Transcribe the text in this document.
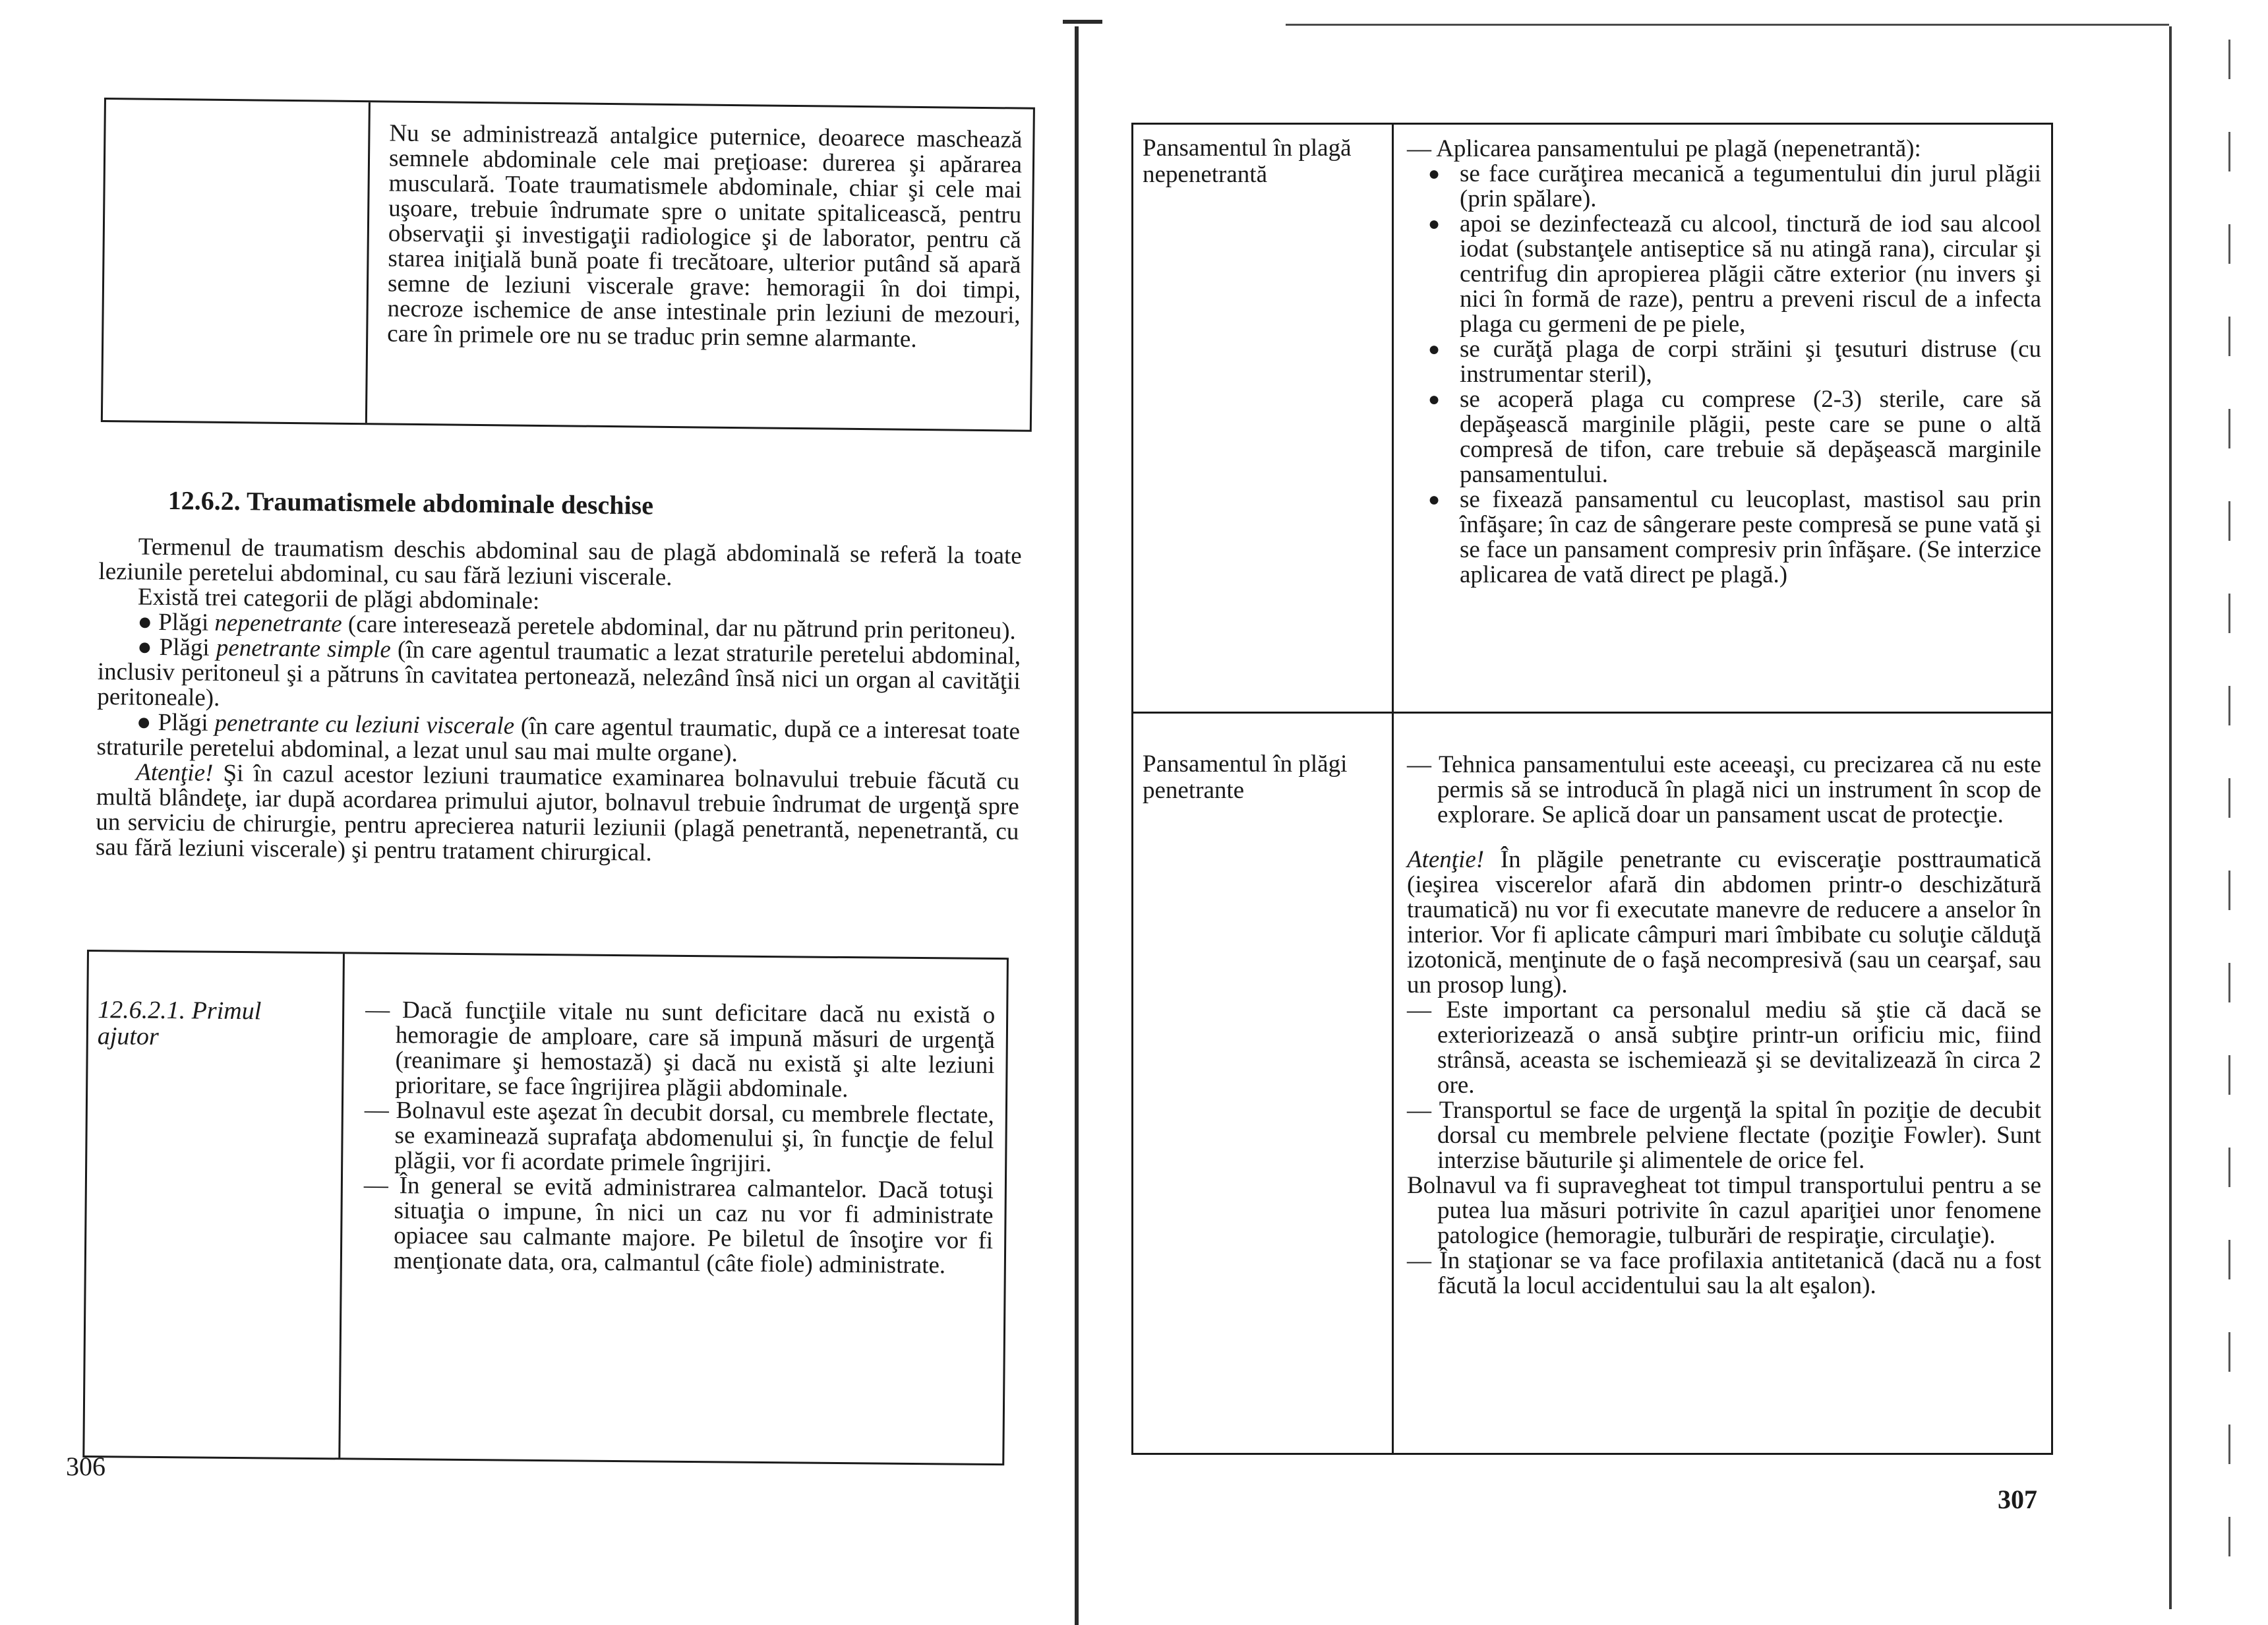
Nu se administrează antalgice puternice, deoarece maschează semnele abdominale cele mai preţioase: durerea şi apărarea musculară. Toate traumatismele abdominale, chiar şi cele mai uşoare, trebuie îndrumate spre o unitate spitalicească, pentru observaţii şi investigaţii radiologice şi de laborator, pentru că starea iniţială bună poate fi trecătoare, ulterior putând să apară semne de leziuni viscerale grave: hemoragii în doi timpi, necroze ischemice de anse intestinale prin leziuni de mezouri, care în primele ore nu se traduc prin semne alarmante.
12.6.2. Traumatismele abdominale deschise

Termenul de traumatism deschis abdominal sau de plagă abdominală se referă la toate leziunile peretelui abdominal, cu sau fără leziuni viscerale.

Există trei categorii de plăgi abdominale:

● Plăgi nepenetrante (care interesează peretele abdominal, dar nu pătrund prin peritoneu).

● Plăgi penetrante simple (în care agentul traumatic a lezat straturile peretelui abdominal, inclusiv peritoneul şi a pătruns în cavitatea pertonează, nelezând însă nici un organ al cavităţii peritoneale).

● Plăgi penetrante cu leziuni viscerale (în care agentul traumatic, după ce a interesat toate straturile peretelui abdominal, a lezat unul sau mai multe organe).

Atenţie! Şi în cazul acestor leziuni traumatice examinarea bolnavului trebuie făcută cu multă blândeţe, iar după acordarea primului ajutor, bolnavul trebuie îndrumat de urgenţă spre un serviciu de chirurgie, pentru aprecierea naturii leziunii (plagă penetrantă, nepenetrantă, cu sau fără leziuni viscerale) şi pentru tratament chirurgical.

12.6.2.1. Primul ajutor

— Dacă funcţiile vitale nu sunt deficitare dacă nu există o hemoragie de amploare, care să impună măsuri de urgenţă (reanimare şi hemostază) şi dacă nu există şi alte leziuni prioritare, se face îngrijirea plăgii abdominale.

— Bolnavul este aşezat în decubit dorsal, cu membrele flectate, se examinează suprafaţa abdomenului şi, în funcţie de felul plăgii, vor fi acordate primele îngrijiri.

— În general se evită administrarea calmantelor. Dacă totuşi situaţia o impune, în nici un caz nu vor fi administrate opiacee sau calmante majore. Pe biletul de însoţire vor fi menţionate data, ora, calmantul (câte fiole) administrate.

306
Pansamentul în plagă nepenetrantă

— Aplicarea pansamentului pe plagă (nepenetrantă):

● se face curăţirea mecanică a tegumentului din jurul plăgii (prin spălare).
● apoi se dezinfectează cu alcool, tinctură de iod sau alcool iodat (substanţele antiseptice să nu atingă rana), circular şi centrifug din apropierea plăgii către exterior (nu invers şi nici în formă de raze), pentru a preveni riscul de a infecta plaga cu germeni de pe piele,
● se curăţă plaga de corpi străini şi ţesuturi distruse (cu instrumentar steril),
● se acoperă plaga cu comprese (2-3) sterile, care să depăşească marginile plăgii, peste care se pune o altă compresă de tifon, care trebuie să depăşească marginile pansamentului.
● se fixează pansamentul cu leucoplast, mastisol sau prin înfăşare; în caz de sângerare peste compresă se pune vată şi se face un pansament compresiv prin înfăşare. (Se interzice aplicarea de vată direct pe plagă.)
Pansamentul în plăgi penetrante

— Tehnica pansamentului este aceeaşi, cu precizarea că nu este permis să se introducă în plagă nici un instrument în scop de explorare. Se aplică doar un pansament uscat de protecţie.

Atenţie! În plăgile penetrante cu evisceraţie posttraumatică (ieşirea viscerelor afară din abdomen printr-o deschizătură traumatică) nu vor fi executate manevre de reducere a anselor în interior. Vor fi aplicate câmpuri mari îmbibate cu soluţie călduţă izotonică, menţinute de o faşă necompresivă (sau un cearşaf, sau un prosop lung).

— Este important ca personalul mediu să ştie că dacă se exteriorizează o ansă subţire printr-un orificiu mic, fiind strânsă, aceasta se ischemiează şi se devitalizează în circa 2 ore.

— Transportul se face de urgenţă la spital în poziţie de decubit dorsal cu membrele pelviene flectate (poziţie Fowler). Sunt interzise băuturile şi alimentele de orice fel.

Bolnavul va fi supravegheat tot timpul transportului pentru a se putea lua măsuri potrivite în cazul apariţiei unor fenomene patologice (hemoragie, tulburări de respiraţie, circulaţie).

— În staţionar se va face profilaxia antitetanică (dacă nu a fost făcută la locul accidentului sau la alt eşalon).

307
